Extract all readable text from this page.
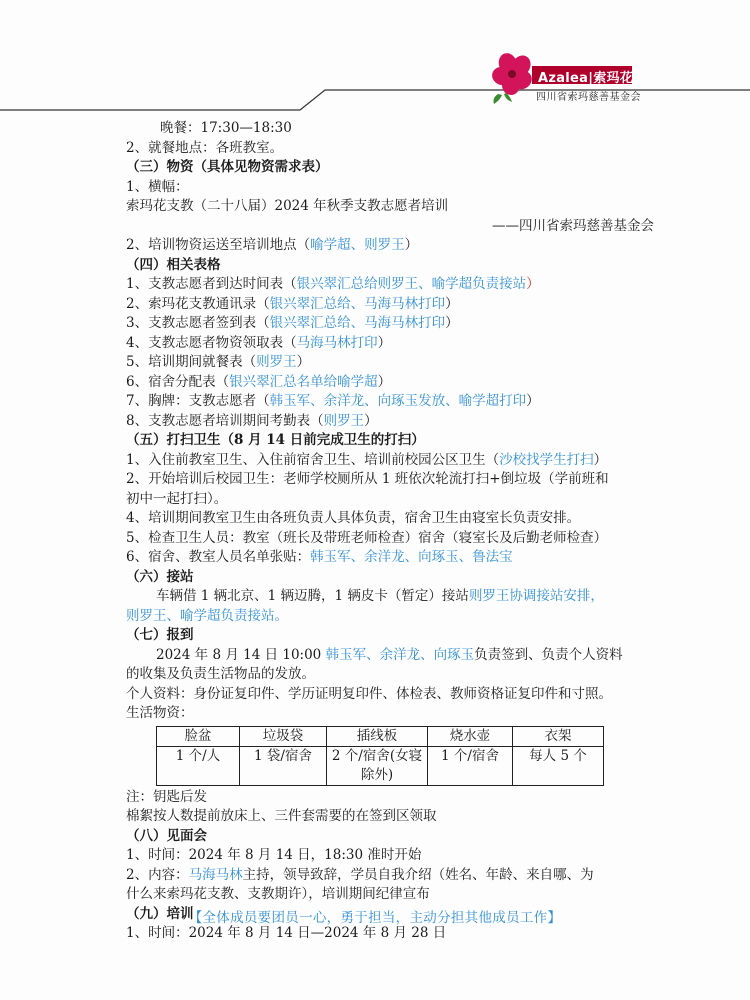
Azalea|索玛花
四川省索玛慈善基金会
晚餐：17:30—18:30
2、就餐地点：各班教室。
（三）物资（具体见物资需求表）
1、横幅：
索玛花支教（二十八届）2024 年秋季支教志愿者培训
——四川省索玛慈善基金会
2、培训物资运送至培训地点（喻学超、则罗王）
（四）相关表格
1、支教志愿者到达时间表（银兴翠汇总给则罗王、喻学超负责接站）
2、索玛花支教通讯录（银兴翠汇总给、马海马林打印）
3、支教志愿者签到表（银兴翠汇总给、马海马林打印）
4、支教志愿者物资领取表（马海马林打印）
5、培训期间就餐表（则罗王）
6、宿舍分配表（银兴翠汇总名单给喻学超）
7、胸牌：支教志愿者（韩玉军、余洋龙、向琢玉发放、喻学超打印）
8、支教志愿者培训期间考勤表（则罗王）
（五）打扫卫生（8 月 14 日前完成卫生的打扫）
1、入住前教室卫生、入住前宿舍卫生、培训前校园公区卫生（沙校找学生打扫）
2、开始培训后校园卫生：老师学校厕所从 1 班依次轮流打扫+倒垃圾（学前班和
初中一起打扫）。
4、培训期间教室卫生由各班负责人具体负责，宿舍卫生由寝室长负责安排。
5、检查卫生人员：教室（班长及带班老师检查）宿舍（寝室长及后勤老师检查）
6、宿舍、教室人员名单张贴：韩玉军、余洋龙、向琢玉、鲁法宝
（六）接站
车辆借 1 辆北京、1 辆迈腾，1 辆皮卡（暂定）接站则罗王协调接站安排，
则罗王、喻学超负责接站。
（七）报到
2024 年 8 月 14 日 10:00 韩玉军、余洋龙、向琢玉负责签到、负责个人资料
的收集及负责生活物品的发放。
个人资料：身份证复印件、学历证明复印件、体检表、教师资格证复印件和寸照。
生活物资：
脸盆	垃圾袋	插线板	烧水壶	衣架
1 个/人	1 袋/宿舍	2 个/宿舍(女寝除外)	1 个/宿舍	每人 5 个
注：钥匙后发
棉絮按人数提前放床上、三件套需要的在签到区领取
（八）见面会
1、时间：2024 年 8 月 14 日，18:30 准时开始
2、内容：马海马林主持，领导致辞，学员自我介绍（姓名、年龄、来自哪、为
什么来索玛花支教、支教期许），培训期间纪律宣布
（九）培训
1、时间：2024 年 8 月 14 日—2024 年 8 月 28 日
【全体成员要团员一心，勇于担当，主动分担其他成员工作】
